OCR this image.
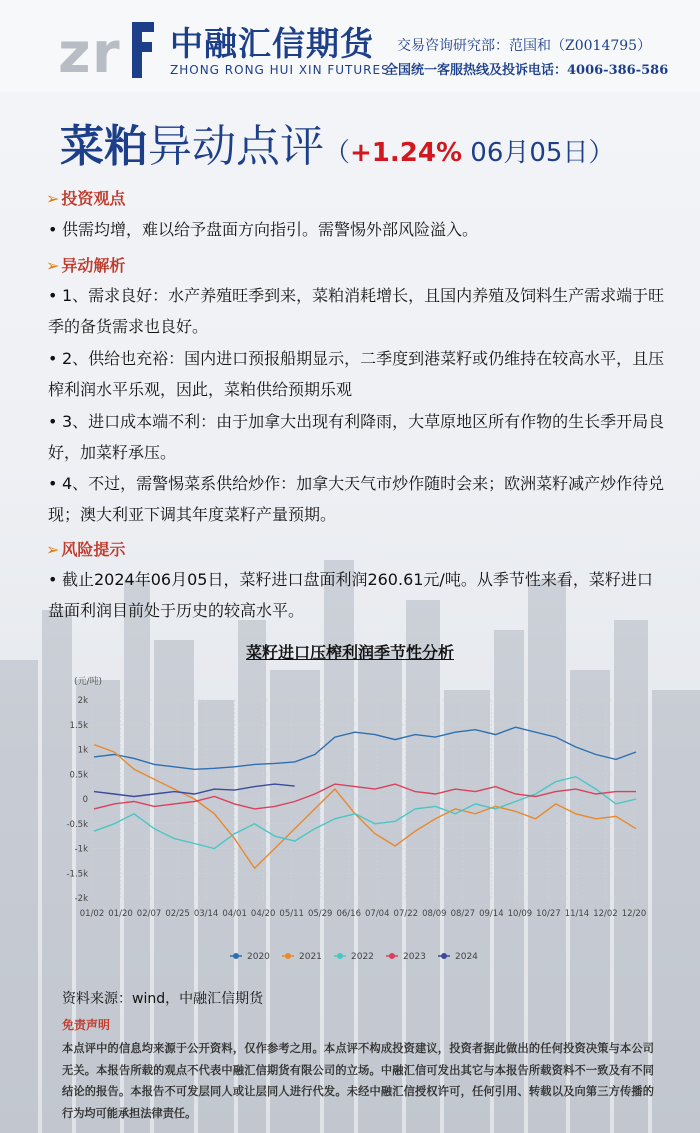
z r 中融汇信期货
ZHONG RONG HUI XIN FUTURES
交易咨询研究部：范国和（Z0014795）
全国统一客服热线及投诉电话：4006-386-586
菜粕异动点评（+1.24% 06月05日）
➢ 投资观点
• 供需均增，难以给予盘面方向指引。需警惕外部风险溢入。
➢ 异动解析
• 1、需求良好：水产养殖旺季到来，菜粕消耗增长，且国内养殖及饲料生产需求端于旺季的备货需求也良好。
• 2、供给也充裕：国内进口预报船期显示，二季度到港菜籽或仍维持在较高水平，且压榨利润水平乐观，因此，菜粕供给预期乐观
• 3、进口成本端不利：由于加拿大出现有利降雨，大草原地区所有作物的生长季开局良好，加菜籽承压。
• 4、不过，需警惕菜系供给炒作：加拿大天气市炒作随时会来；欧洲菜籽减产炒作待兑现；澳大利亚下调其年度菜籽产量预期。
➢ 风险提示
• 截止2024年06月05日，菜籽进口盘面利润260.61元/吨。从季节性来看，菜籽进口盘面利润目前处于历史的较高水平。
菜籽进口压榨利润季节性分析
(元/吨)
2k
1.5k
1k
0.5k
0
-0.5k
-1k
-1.5k
-2k
01/02 01/20 02/07 02/25 03/14 04/01 04/20 05/11 05/29 06/16 07/04 07/22 08/09 08/27 09/14 10/09 10/27 11/14 12/02 12/20
2020	2021	2022	2023	2024
资料来源：wind，中融汇信期货
免责声明
本点评中的信息均来源于公开资料，仅作参考之用。本点评不构成投资建议，投资者据此做出的任何投资决策与本公司无关。本报告所载的观点不代表中融汇信期货有限公司的立场。中融汇信可发出其它与本报告所载资料不一致及有不同结论的报告。本报告不可发层同人或让层同人进行代发。未经中融汇信授权许可，任何引用、转载以及向第三方传播的行为均可能承担法律责任。
